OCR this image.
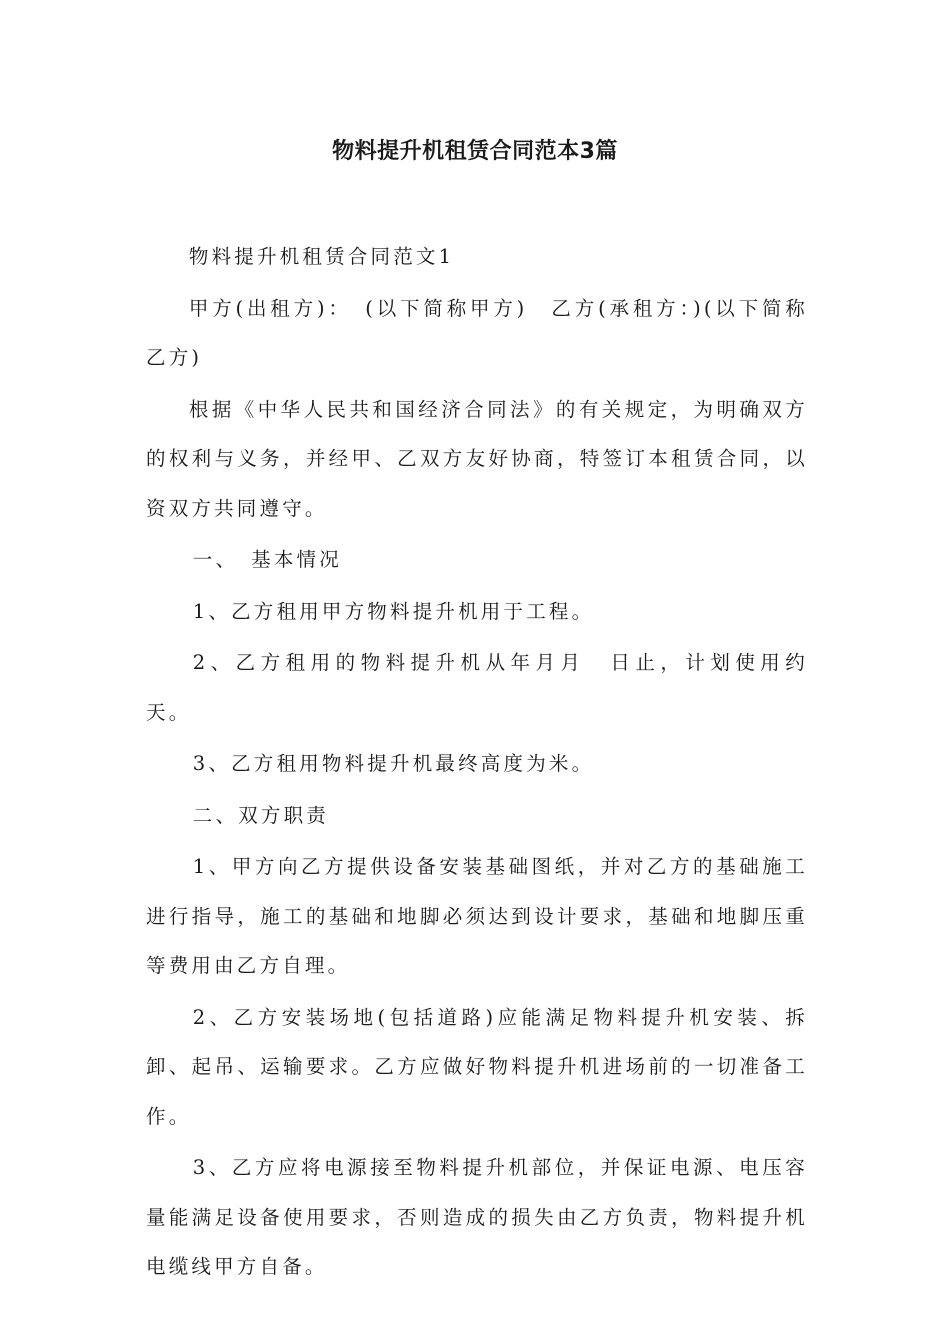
物料提升机租赁合同范本3篇

物料提升机租赁合同范文1

甲方(出租方)：　(以下简称甲方)　乙方(承租方：)(以下简称乙方)

根据《中华人民共和国经济合同法》的有关规定，为明确双方的权利与义务，并经甲、乙双方友好协商，特签订本租赁合同，以资双方共同遵守。

一、　基本情况

1、乙方租用甲方物料提升机用于工程。

2、乙方租用的物料提升机从年月月　日止，计划使用约　天。

3、乙方租用物料提升机最终高度为米。

二、双方职责

1、甲方向乙方提供设备安装基础图纸，并对乙方的基础施工进行指导，施工的基础和地脚必须达到设计要求，基础和地脚压重等费用由乙方自理。

2、乙方安装场地(包括道路)应能满足物料提升机安装、拆卸、起吊、运输要求。乙方应做好物料提升机进场前的一切准备工作。

3、乙方应将电源接至物料提升机部位，并保证电源、电压容量能满足设备使用要求，否则造成的损失由乙方负责，物料提升机电缆线甲方自备。
